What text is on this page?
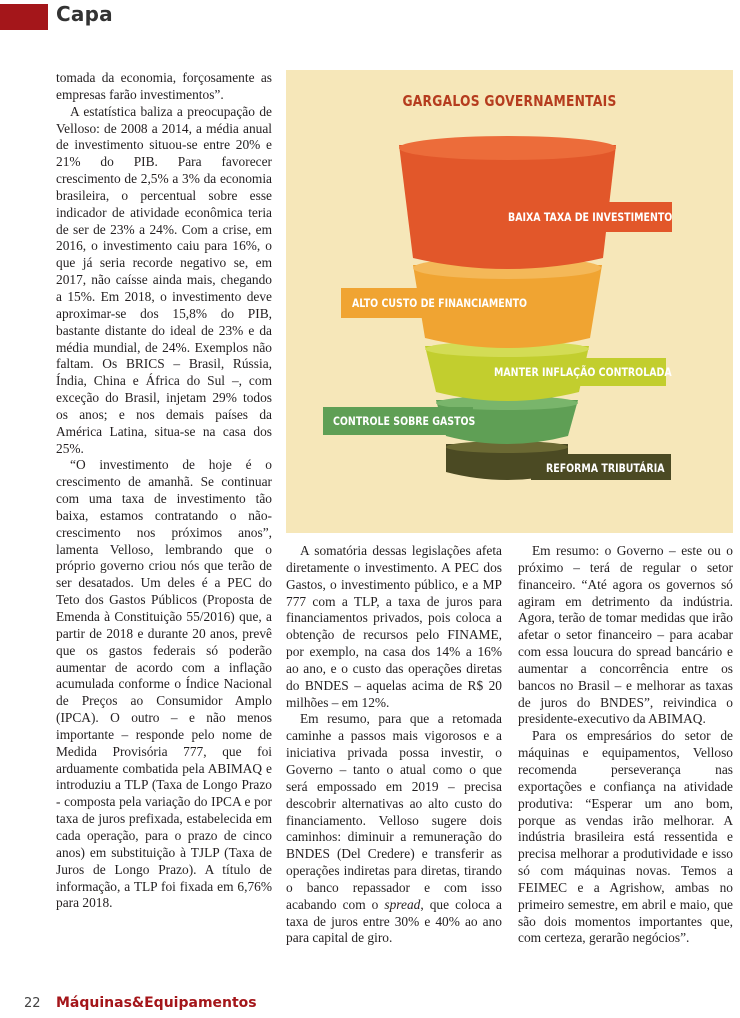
Capa

tomada da economia, forçosamente as empresas farão investimentos”.

A estatística baliza a preocupação de Velloso: de 2008 a 2014, a média anual de investimento situou-se entre 20% e 21% do PIB. Para favorecer crescimento de 2,5% a 3% da economia brasileira, o percentual sobre esse indicador de atividade econômica teria de ser de 23% a 24%. Com a crise, em 2016, o investimento caiu para 16%, o que já seria recorde negativo se, em 2017, não caísse ainda mais, chegando a 15%. Em 2018, o investimento deve aproximar-se dos 15,8% do PIB, bastante distante do ideal de 23% e da média mundial, de 24%. Exemplos não faltam. Os BRICS – Brasil, Rússia, Índia, China e África do Sul –, com exceção do Brasil, injetam 29% todos os anos; e nos demais países da América Latina, situa-se na casa dos 25%.

“O investimento de hoje é o crescimento de amanhã. Se continuar com uma taxa de investimento tão baixa, estamos contratando o não-crescimento nos próximos anos”, lamenta Velloso, lembrando que o próprio governo criou nós que terão de ser desatados. Um deles é a PEC do Teto dos Gastos Públicos (Proposta de Emenda à Constituição 55/2016) que, a partir de 2018 e durante 20 anos, prevê que os gastos federais só poderão aumentar de acordo com a inflação acumulada conforme o Índice Nacional de Preços ao Consumidor Amplo (IPCA). O outro – e não menos importante – responde pelo nome de Medida Provisória 777, que foi arduamente combatida pela ABIMAQ e introduziu a TLP (Taxa de Longo Prazo - composta pela variação do IPCA e por taxa de juros prefixada, estabelecida em cada operação, para o prazo de cinco anos) em substituição à TJLP (Taxa de Juros de Longo Prazo). A título de informação, a TLP foi fixada em 6,76% para 2018.

GARGALOS GOVERNAMENTAIS
BAIXA TAXA DE INVESTIMENTO
ALTO CUSTO DE FINANCIAMENTO
MANTER INFLAÇÃO CONTROLADA
CONTROLE SOBRE GASTOS
REFORMA TRIBUTÁRIA

A somatória dessas legislações afeta diretamente o investimento. A PEC dos Gastos, o investimento público, e a MP 777 com a TLP, a taxa de juros para financiamentos privados, pois coloca a obtenção de recursos pelo FINAME, por exemplo, na casa dos 14% a 16% ao ano, e o custo das operações diretas do BNDES – aquelas acima de R$ 20 milhões – em 12%.

Em resumo, para que a retomada caminhe a passos mais vigorosos e a iniciativa privada possa investir, o Governo – tanto o atual como o que será empossado em 2019 – precisa descobrir alternativas ao alto custo do financiamento. Velloso sugere dois caminhos: diminuir a remuneração do BNDES (Del Credere) e transferir as operações indiretas para diretas, tirando o banco repassador e com isso acabando com o spread, que coloca a taxa de juros entre 30% e 40% ao ano para capital de giro.

Em resumo: o Governo – este ou o próximo – terá de regular o setor financeiro. “Até agora os governos só agiram em detrimento da indústria. Agora, terão de tomar medidas que irão afetar o setor financeiro – para acabar com essa loucura do spread bancário e aumentar a concorrência entre os bancos no Brasil – e melhorar as taxas de juros do BNDES”, reivindica o presidente-executivo da ABIMAQ.

Para os empresários do setor de máquinas e equipamentos, Velloso recomenda perseverança nas exportações e confiança na atividade produtiva: “Esperar um ano bom, porque as vendas irão melhorar. A indústria brasileira está ressentida e precisa melhorar a produtividade e isso só com máquinas novas. Temos a FEIMEC e a Agrishow, ambas no primeiro semestre, em abril e maio, que são dois momentos importantes que, com certeza, gerarão negócios”.

22 Máquinas&Equipamentos
